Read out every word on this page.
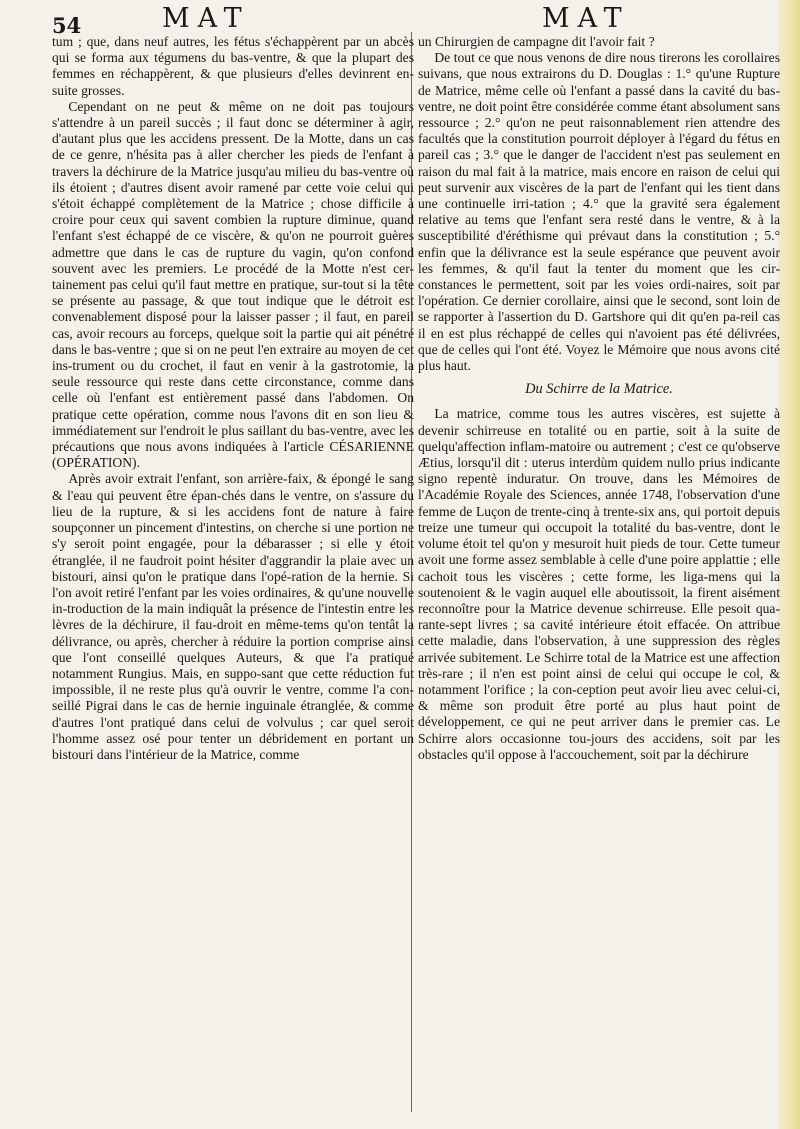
54	MAT	MAT

tum ; que, dans neuf autres, les fétus s'échappèrent par un abcès qui se forma aux tégumens du bas-ventre, & que la plupart des femmes en réchappèrent, & que plusieurs d'elles devinrent en-suite grosses.

Cependant on ne peut & même on ne doit pas toujours s'attendre à un pareil succès ; il faut donc se déterminer à agir, d'autant plus que les accidens pressent. De la Motte, dans un cas de ce genre, n'hésita pas à aller chercher les pieds de l'enfant à travers la déchirure de la Matrice jusqu'au milieu du bas-ventre où ils étoient ; d'autres disent avoir ramené par cette voie celui qui s'étoit échappé complètement de la Matrice ; chose difficile à croire pour ceux qui savent combien la rupture diminue, quand l'enfant s'est échappé de ce viscère, & qu'on ne pourroit guères admettre que dans le cas de rupture du vagin, qu'on confond souvent avec les premiers. Le procédé de la Motte n'est cer-tainement pas celui qu'il faut mettre en pratique, sur-tout si la tête se présente au passage, & que tout indique que le détroit est convenablement disposé pour la laisser passer ; il faut, en pareil cas, avoir recours au forceps, quelque soit la partie qui ait pénétré dans le bas-ventre ; que si on ne peut l'en extraire au moyen de cet ins-trument ou du crochet, il faut en venir à la gastrotomie, la seule ressource qui reste dans cette circonstance, comme dans celle où l'enfant est entièrement passé dans l'abdomen. On pratique cette opération, comme nous l'avons dit en son lieu & immédiatement sur l'endroit le plus saillant du bas-ventre, avec les précautions que nous avons indiquées à l'article CÉSARIENNE (OPÉRATION).

Après avoir extrait l'enfant, son arrière-faix, & épongé le sang & l'eau qui peuvent être épan-chés dans le ventre, on s'assure du lieu de la rupture, & si les accidens font de nature à faire soupçonner un pincement d'intestins, on cherche si une portion ne s'y seroit point engagée, pour la débarasser ; si elle y étoit étranglée, il ne faudroit point hésiter d'aggrandir la plaie avec un bistouri, ainsi qu'on le pratique dans l'opé-ration de la hernie. Si l'on avoit retiré l'enfant par les voies ordinaires, & qu'une nouvelle in-troduction de la main indiquât la présence de l'intestin entre les lèvres de la déchirure, il fau-droit en même-tems qu'on tentât la délivrance, ou après, chercher à réduire la portion comprise ainsi que l'ont conseillé quelques Auteurs, & que l'a pratiqué notamment Rungius. Mais, en suppo-sant que cette réduction fut impossible, il ne reste plus qu'à ouvrir le ventre, comme l'a con-seillé Pigrai dans le cas de hernie inguinale étranglée, & comme d'autres l'ont pratiqué dans celui de volvulus ; car quel seroit l'homme assez osé pour tenter un débridement en portant un bistouri dans l'intérieur de la Matrice, comme

un Chirurgien de campagne dit l'avoir fait ?

De tout ce que nous venons de dire nous tirerons les corollaires suivans, que nous extrairons du D. Douglas : 1.° qu'une Rupture de Matrice, même celle où l'enfant a passé dans la cavité du bas-ventre, ne doit point être considérée comme étant absolument sans ressource ; 2.° qu'on ne peut raisonnablement rien attendre des facultés que la constitution pourroit déployer à l'égard du fétus en pareil cas ; 3.° que le danger de l'accident n'est pas seulement en raison du mal fait à la matrice, mais encore en raison de celui qui peut survenir aux viscères de la part de l'enfant qui les tient dans une continuelle irri-tation ; 4.° que la gravité sera également relative au tems que l'enfant sera resté dans le ventre, & à la susceptibilité d'éréthisme qui prévaut dans la constitution ; 5.° enfin que la délivrance est la seule espérance que peuvent avoir les femmes, & qu'il faut la tenter du moment que les cir-constances le permettent, soit par les voies ordi-naires, soit par l'opération. Ce dernier corollaire, ainsi que le second, sont loin de se rapporter à l'assertion du D. Gartshore qui dit qu'en pa-reil cas il en est plus réchappé de celles qui n'avoient pas été délivrées, que de celles qui l'ont été. Voyez le Mémoire que nous avons cité plus haut.

Du Schirre de la Matrice.

La matrice, comme tous les autres viscères, est sujette à devenir schirreuse en totalité ou en partie, soit à la suite de quelqu'affection inflam-matoire ou autrement ; c'est ce qu'observe Ætius, lorsqu'il dit : uterus interdùm quidem nullo prius indicante signo repentè induratur. On trouve, dans les Mémoires de l'Académie Royale des Sciences, année 1748, l'observation d'une femme de Luçon de trente-cinq à trente-six ans, qui portoit depuis treize une tumeur qui occupoit la totalité du bas-ventre, dont le volume étoit tel qu'on y mesuroit huit pieds de tour. Cette tumeur avoit une forme assez semblable à celle d'une poire applattie ; elle cachoit tous les viscères ; cette forme, les liga-mens qui la soutenoient & le vagin auquel elle aboutissoit, la firent aisément reconnoître pour la Matrice devenue schirreuse. Elle pesoit qua-rante-sept livres ; sa cavité intérieure étoit effacée. On attribue cette maladie, dans l'observation, à une suppression des règles arrivée subitement. Le Schirre total de la Matrice est une affection très-rare ; il n'en est point ainsi de celui qui occupe le col, & notamment l'orifice ; la con-ception peut avoir lieu avec celui-ci, & même son produit être porté au plus haut point de développement, ce qui ne peut arriver dans le premier cas. Le Schirre alors occasionne tou-jours des accidens, soit par les obstacles qu'il oppose à l'accouchement, soit par la déchirure
